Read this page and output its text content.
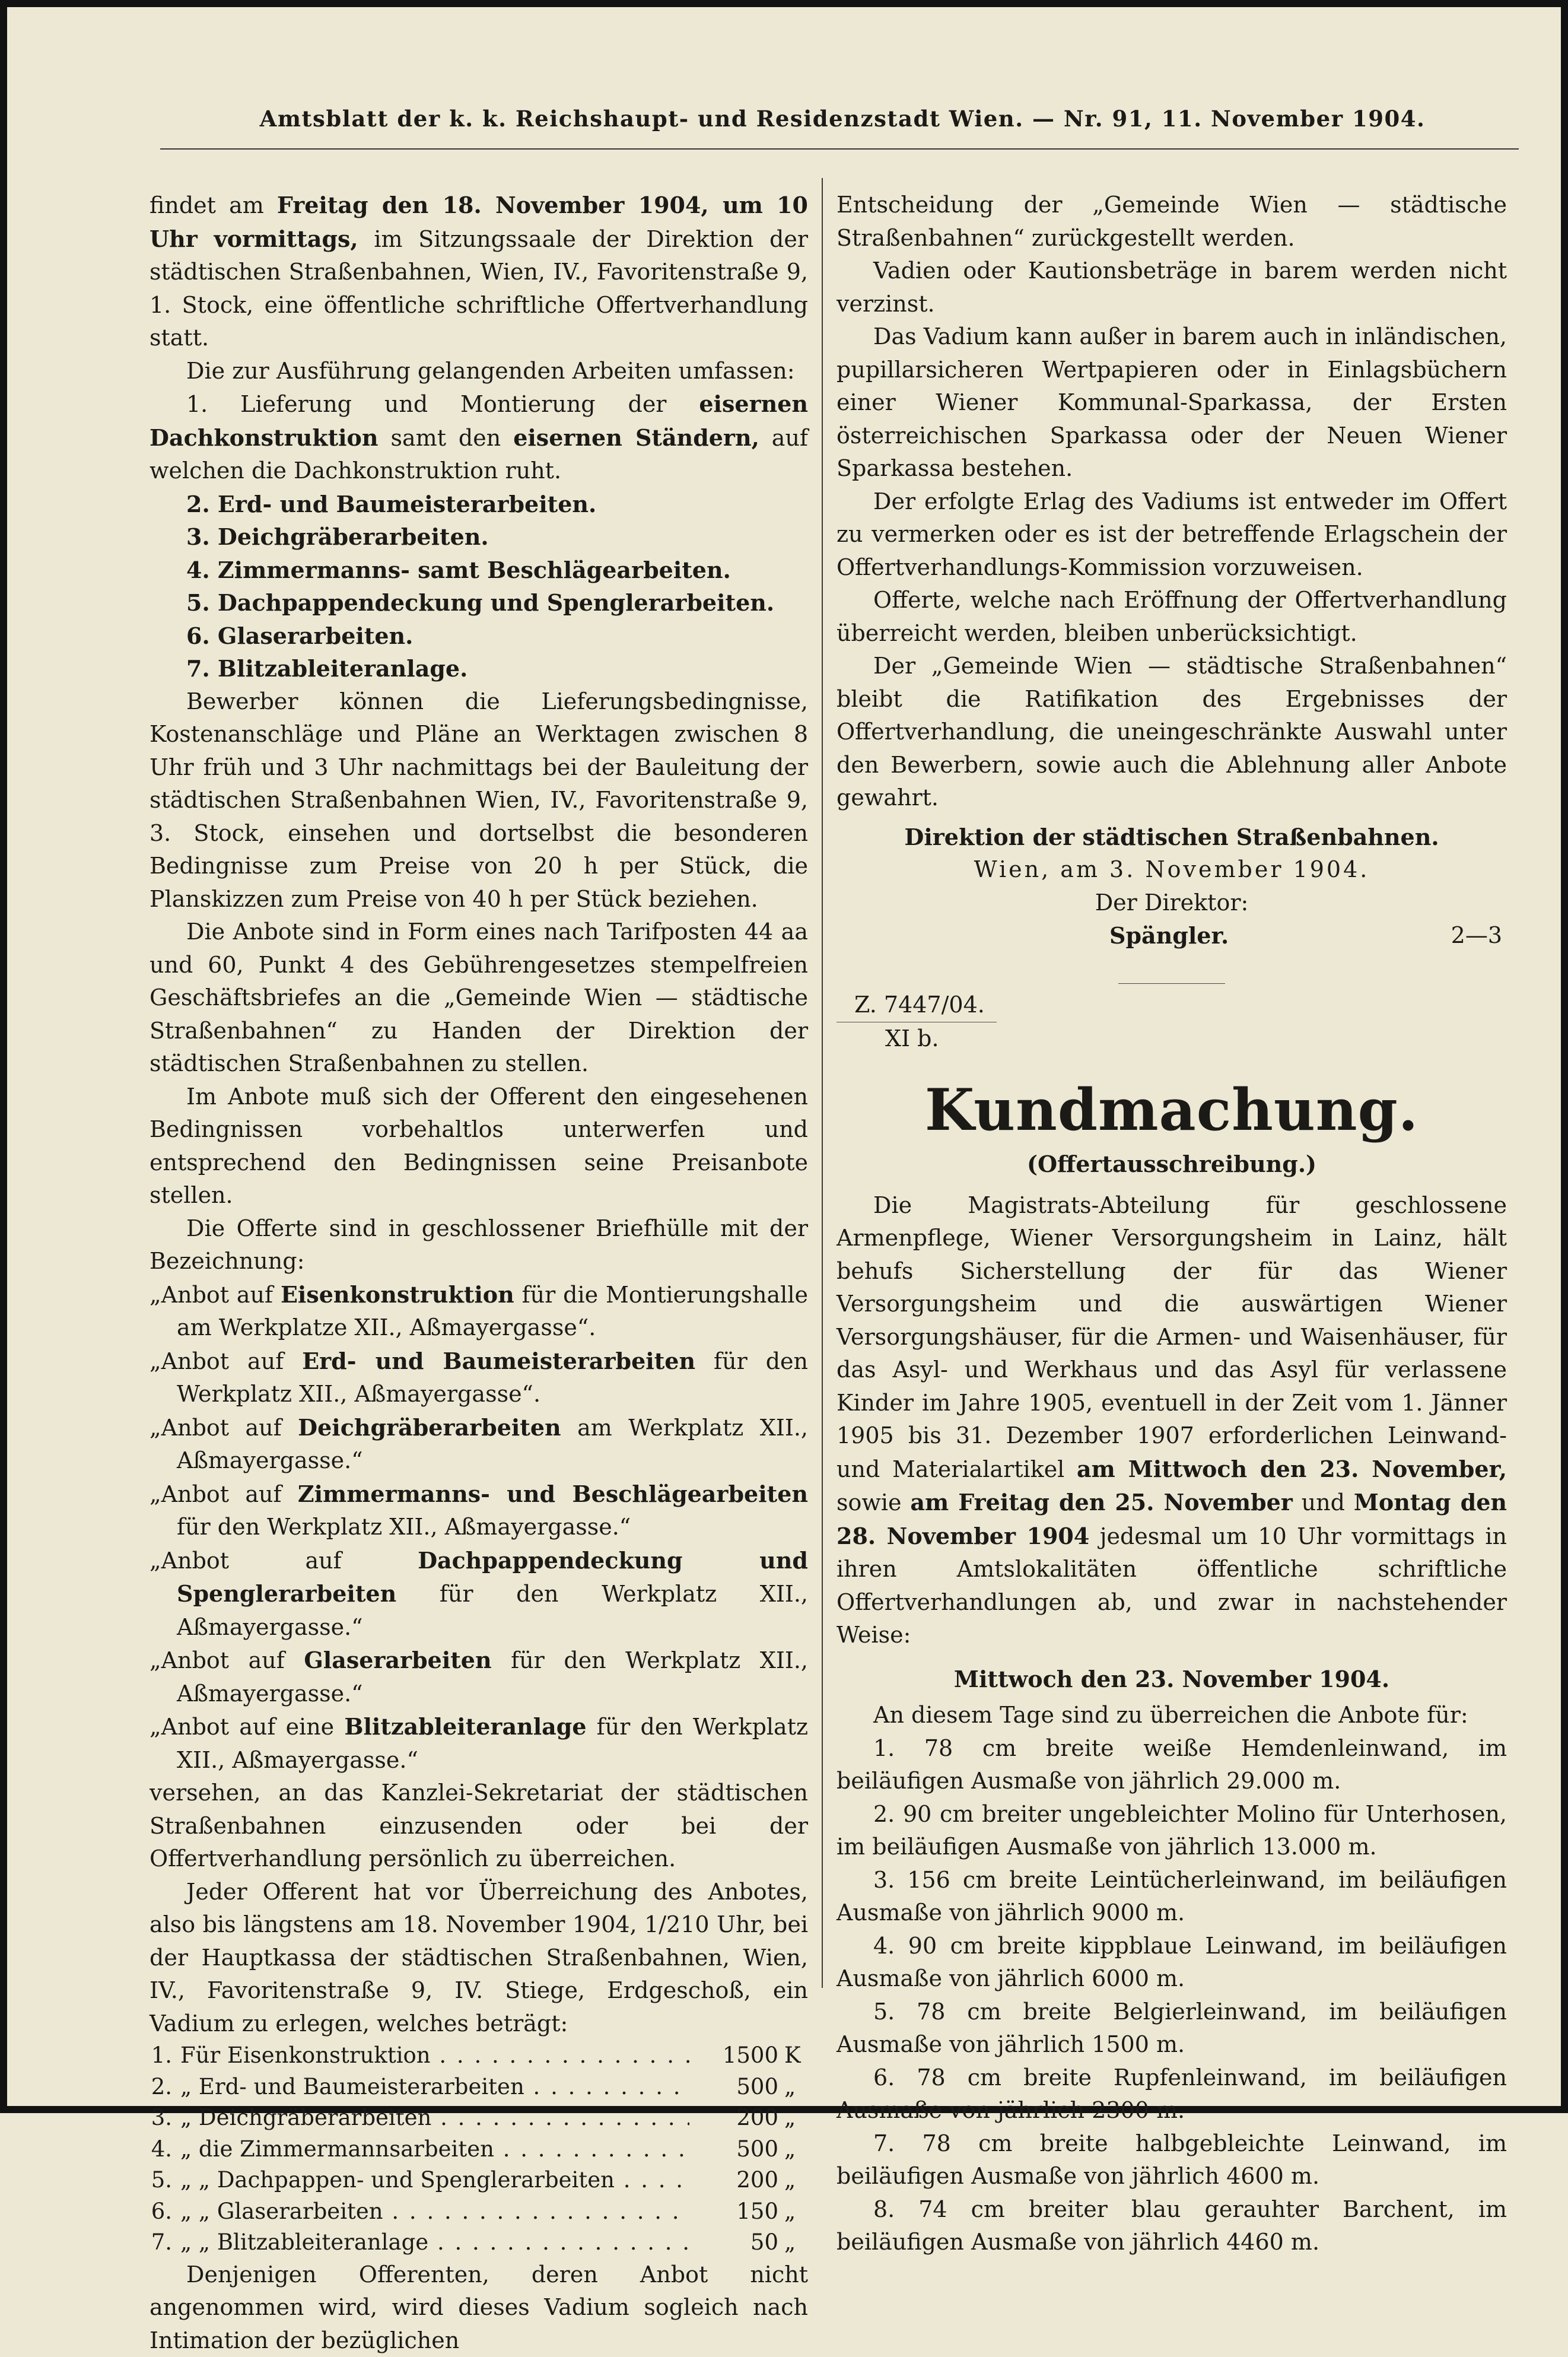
Amtsblatt der k. k. Reichshaupt- und Residenzstadt Wien. — Nr. 91, 11. November 1904.

findet am Freitag den 18. November 1904, um 10 Uhr vormittags, im Sitzungssaale der Direktion der städtischen Straßenbahnen, Wien, IV., Favoritenstraße 9, 1. Stock, eine öffentliche schriftliche Offertverhandlung statt.

Die zur Ausführung gelangenden Arbeiten umfassen:

1. Lieferung und Montierung der eisernen Dachkonstruktion samt den eisernen Ständern, auf welchen die Dachkonstruktion ruht.

2. Erd- und Baumeisterarbeiten.

3. Deichgräberarbeiten.

4. Zimmermanns- samt Beschlägearbeiten.

5. Dachpappendeckung und Spenglerarbeiten.

6. Glaserarbeiten.

7. Blitzableiteranlage.

Bewerber können die Lieferungsbedingnisse, Kostenanschläge und Pläne an Werktagen zwischen 8 Uhr früh und 3 Uhr nachmittags bei der Bauleitung der städtischen Straßenbahnen Wien, IV., Favoritenstraße 9, 3. Stock, einsehen und dortselbst die besonderen Bedingnisse zum Preise von 20 h per Stück, die Planskizzen zum Preise von 40 h per Stück beziehen.

Die Anbote sind in Form eines nach Tarifposten 44 aa und 60, Punkt 4 des Gebührengesetzes stempelfreien Geschäftsbriefes an die „Gemeinde Wien — städtische Straßenbahnen“ zu Handen der Direktion der städtischen Straßenbahnen zu stellen.

Im Anbote muß sich der Offerent den eingesehenen Bedingnissen vorbehaltlos unterwerfen und entsprechend den Bedingnissen seine Preisanbote stellen.

Die Offerte sind in geschlossener Briefhülle mit der Bezeichnung:

„Anbot auf Eisenkonstruktion für die Montierungshalle am Werkplatze XII., Aßmayergasse“.

„Anbot auf Erd- und Baumeisterarbeiten für den Werkplatz XII., Aßmayergasse“.

„Anbot auf Deichgräberarbeiten am Werkplatz XII., Aßmayergasse.“

„Anbot auf Zimmermanns- und Beschlägearbeiten für den Werkplatz XII., Aßmayergasse.“

„Anbot auf Dachpappendeckung und Spenglerarbeiten für den Werkplatz XII., Aßmayergasse.“

„Anbot auf Glaserarbeiten für den Werkplatz XII., Aßmayergasse.“

„Anbot auf eine Blitzableiteranlage für den Werkplatz XII., Aßmayergasse.“

versehen, an das Kanzlei-Sekretariat der städtischen Straßenbahnen einzusenden oder bei der Offertverhandlung persönlich zu überreichen.

Jeder Offerent hat vor Überreichung des Anbotes, also bis längstens am 18. November 1904, 1/210 Uhr, bei der Hauptkassa der städtischen Straßenbahnen, Wien, IV., Favoritenstraße 9, IV. Stiege, Erdgeschoß, ein Vadium zu erlegen, welches beträgt:

1. Für Eisenkonstruktion . . .	1500 K
2. „ Erd- und Baumeisterarbeiten . . .	500 „
3. „ Deichgräberarbeiten . . .	200 „
4. „ die Zimmermannsarbeiten . . .	500 „
5. „ „ Dachpappen- und Spenglerarbeiten . . .	200 „
6. „ „ Glaserarbeiten . . .	150 „
7. „ „ Blitzableiteranlage . . .	50 „

Denjenigen Offerenten, deren Anbot nicht angenommen wird, wird dieses Vadium sogleich nach Intimation der bezüglichen

Entscheidung der „Gemeinde Wien — städtische Straßenbahnen“ zurückgestellt werden.

Vadien oder Kautionsbeträge in barem werden nicht verzinst.

Das Vadium kann außer in barem auch in inländischen, pupillarsicheren Wertpapieren oder in Einlagsbüchern einer Wiener Kommunal-Sparkassa, der Ersten österreichischen Sparkassa oder der Neuen Wiener Sparkassa bestehen.

Der erfolgte Erlag des Vadiums ist entweder im Offert zu vermerken oder es ist der betreffende Erlagschein der Offertverhandlungs-Kommission vorzuweisen.

Offerte, welche nach Eröffnung der Offertverhandlung überreicht werden, bleiben unberücksichtigt.

Der „Gemeinde Wien — städtische Straßenbahnen“ bleibt die Ratifikation des Ergebnisses der Offertverhandlung, die uneingeschränkte Auswahl unter den Bewerbern, sowie auch die Ablehnung aller Anbote gewahrt.

Direktion der städtischen Straßenbahnen.

Wien, am 3. November 1904.

Der Direktor:

Spängler.	2—3
Z. 7447/04.
XI b.
Kundmachung.

(Offertausschreibung.)

Die Magistrats-Abteilung für geschlossene Armenpflege, Wiener Versorgungsheim in Lainz, hält behufs Sicherstellung der für das Wiener Versorgungsheim und die auswärtigen Wiener Versorgungshäuser, für die Armen- und Waisenhäuser, für das Asyl- und Werkhaus und das Asyl für verlassene Kinder im Jahre 1905, eventuell in der Zeit vom 1. Jänner 1905 bis 31. Dezember 1907 erforderlichen Leinwand- und Materialartikel am Mittwoch den 23. November, sowie am Freitag den 25. November und Montag den 28. November 1904 jedesmal um 10 Uhr vormittags in ihren Amtslokalitäten öffentliche schriftliche Offertverhandlungen ab, und zwar in nachstehender Weise:

Mittwoch den 23. November 1904.

An diesem Tage sind zu überreichen die Anbote für:

1. 78 cm breite weiße Hemdenleinwand, im beiläufigen Ausmaße von jährlich 29.000 m.

2. 90 cm breiter ungebleichter Molino für Unterhosen, im beiläufigen Ausmaße von jährlich 13.000 m.

3. 156 cm breite Leintücherleinwand, im beiläufigen Ausmaße von jährlich 9000 m.

4. 90 cm breite kippblaue Leinwand, im beiläufigen Ausmaße von jährlich 6000 m.

5. 78 cm breite Belgierleinwand, im beiläufigen Ausmaße von jährlich 1500 m.

6. 78 cm breite Rupfenleinwand, im beiläufigen Ausmaße von jährlich 2300 m.

7. 78 cm breite halbgebleichte Leinwand, im beiläufigen Ausmaße von jährlich 4600 m.

8. 74 cm breiter blau gerauhter Barchent, im beiläufigen Ausmaße von jährlich 4460 m.
